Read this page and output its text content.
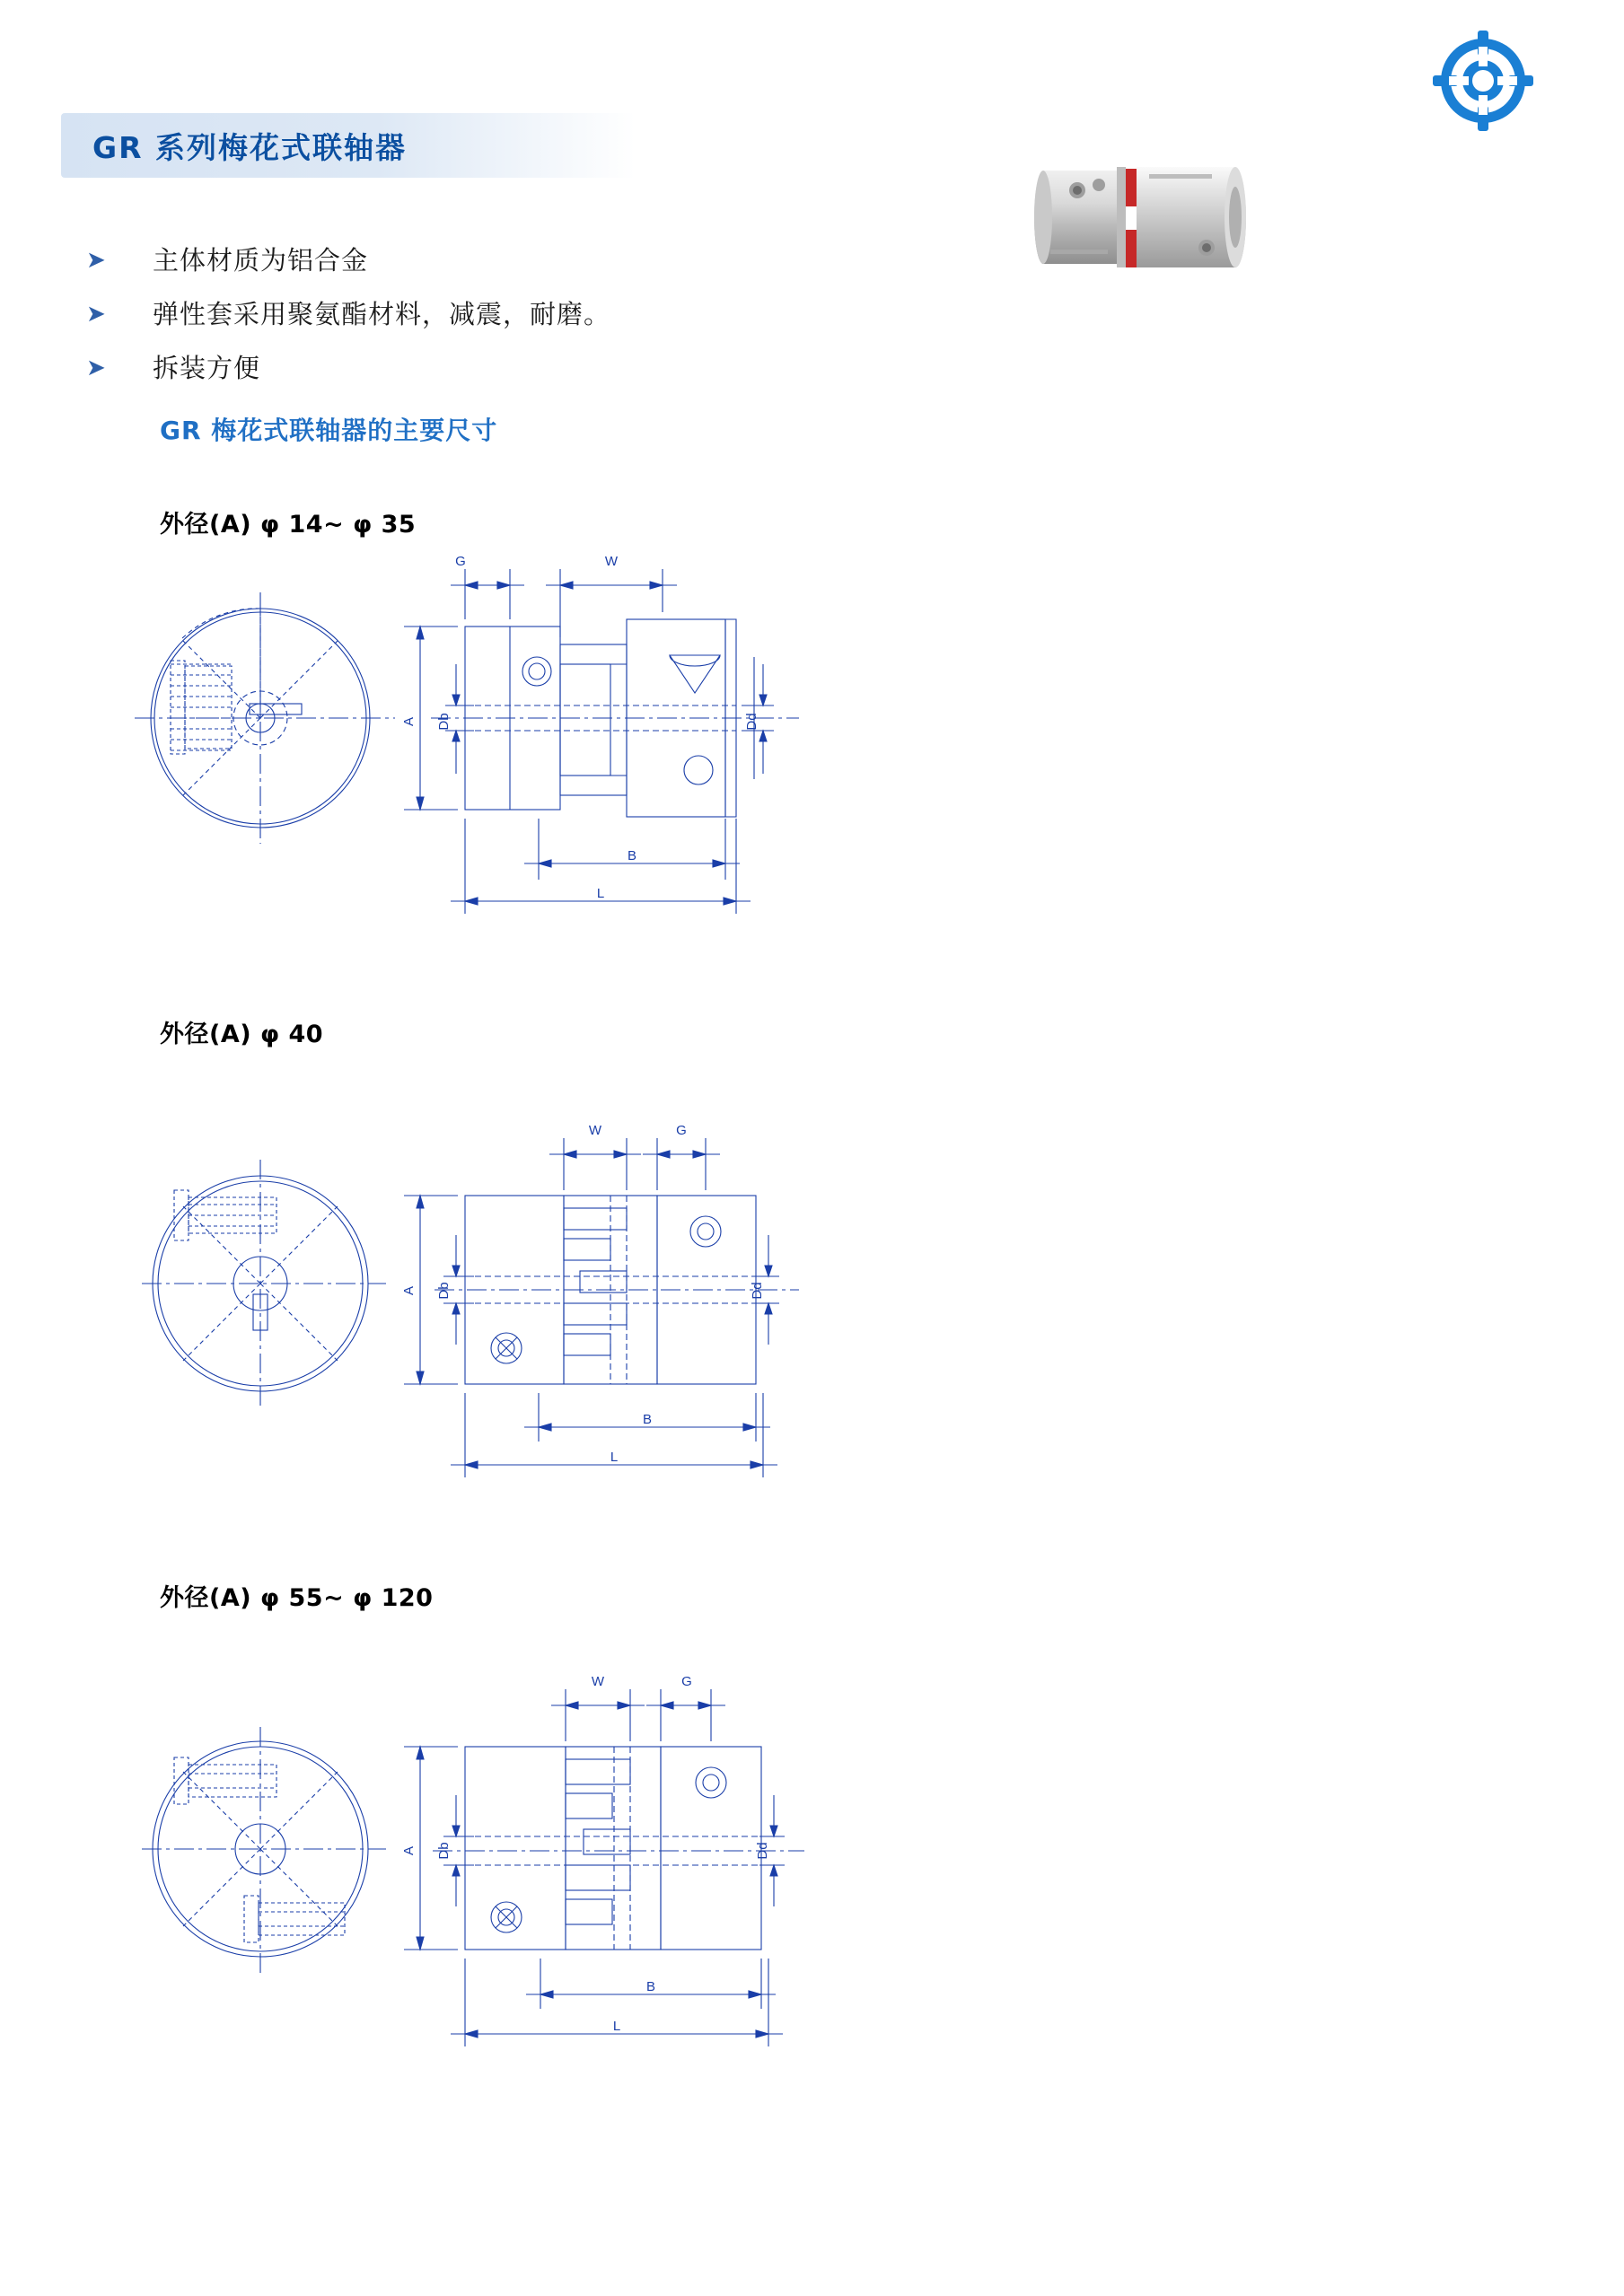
GR 系列梅花式联轴器
➤ 主体材质为铝合金
➤ 弹性套采用聚氨酯材料，减震，耐磨。
➤ 拆装方便
GR 梅花式联轴器的主要尺寸
外径(A) φ 14~ φ 35
G	W
A Db	Dd
B
L
外径(A) φ 40
W	G
A Db	Dd
B
L
外径(A) φ 55~ φ 120
W	G
A Db	Dd
B
L
